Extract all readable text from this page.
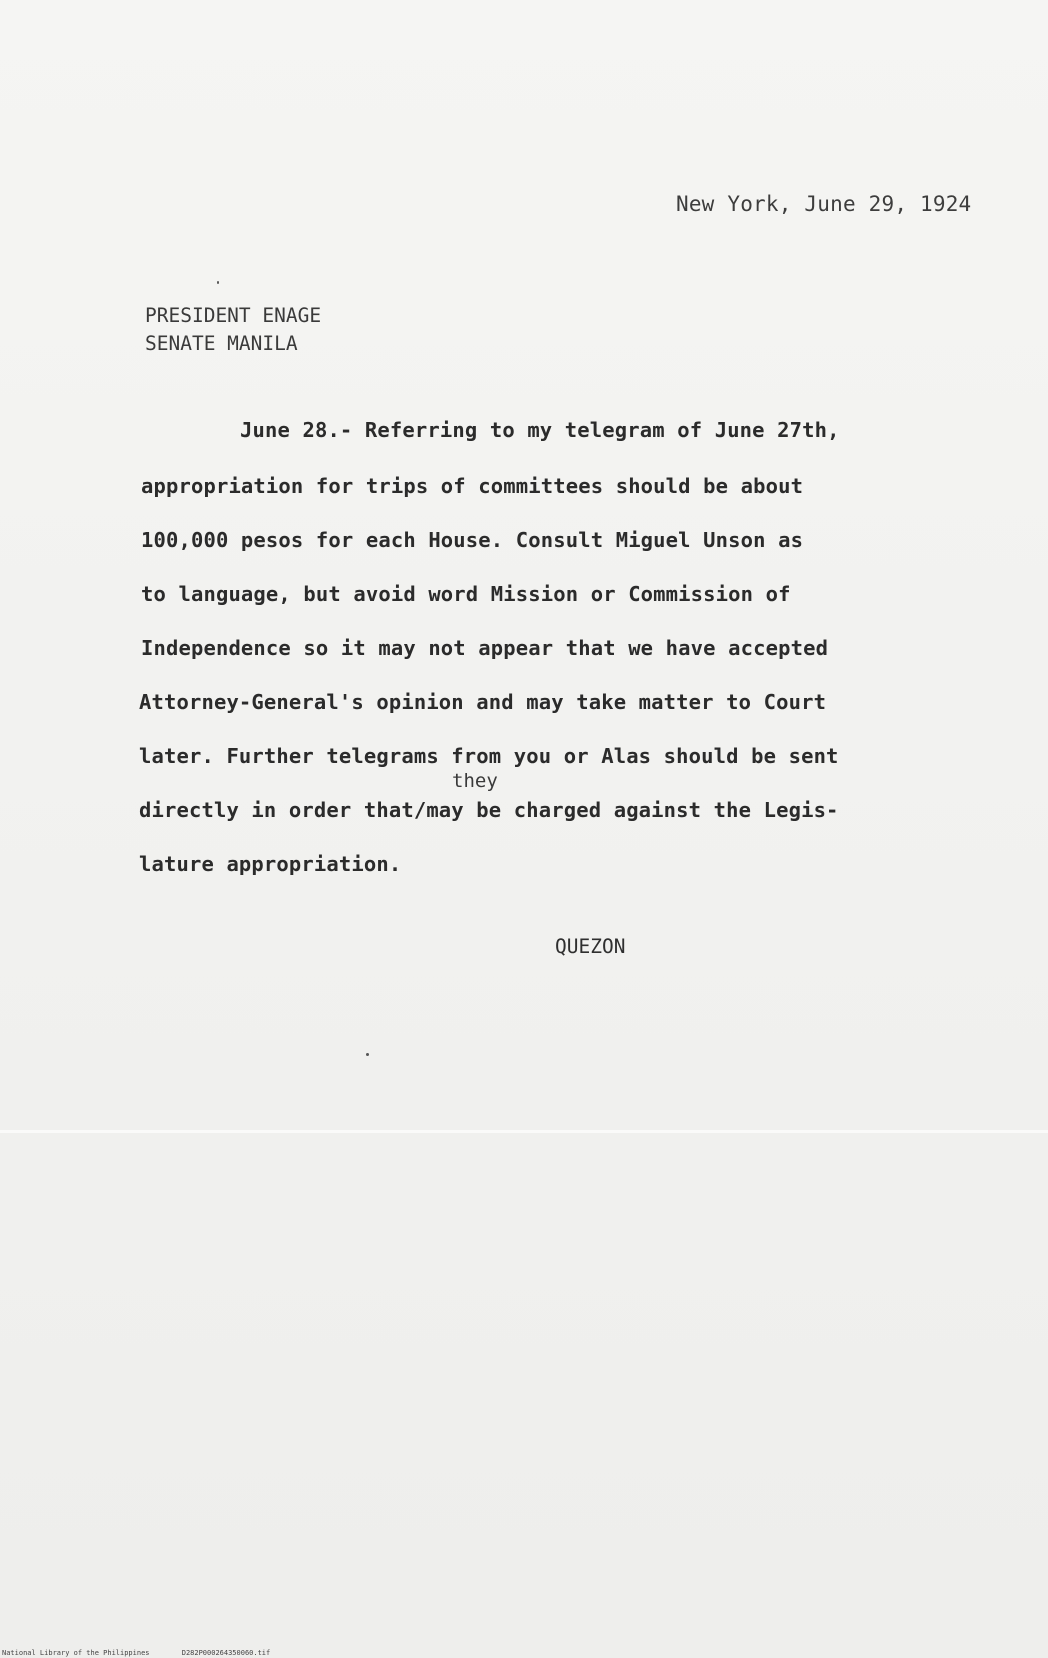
New York, June 29, 1924
PRESIDENT ENAGE
SENATE MANILA
June 28.- Referring to my telegram of June 27th,
appropriation for trips of committees should be about
100,000 pesos for each House. Consult Miguel Unson as
to language, but avoid word Mission or Commission of
Independence so it may not appear that we have accepted
Attorney-General's opinion and may take matter to Court
later. Further telegrams from you or Alas should be sent
they
directly in order that/may be charged against the Legis-
lature appropriation.
QUEZON
National Library of the Philippines	D282P000264350060.tif
